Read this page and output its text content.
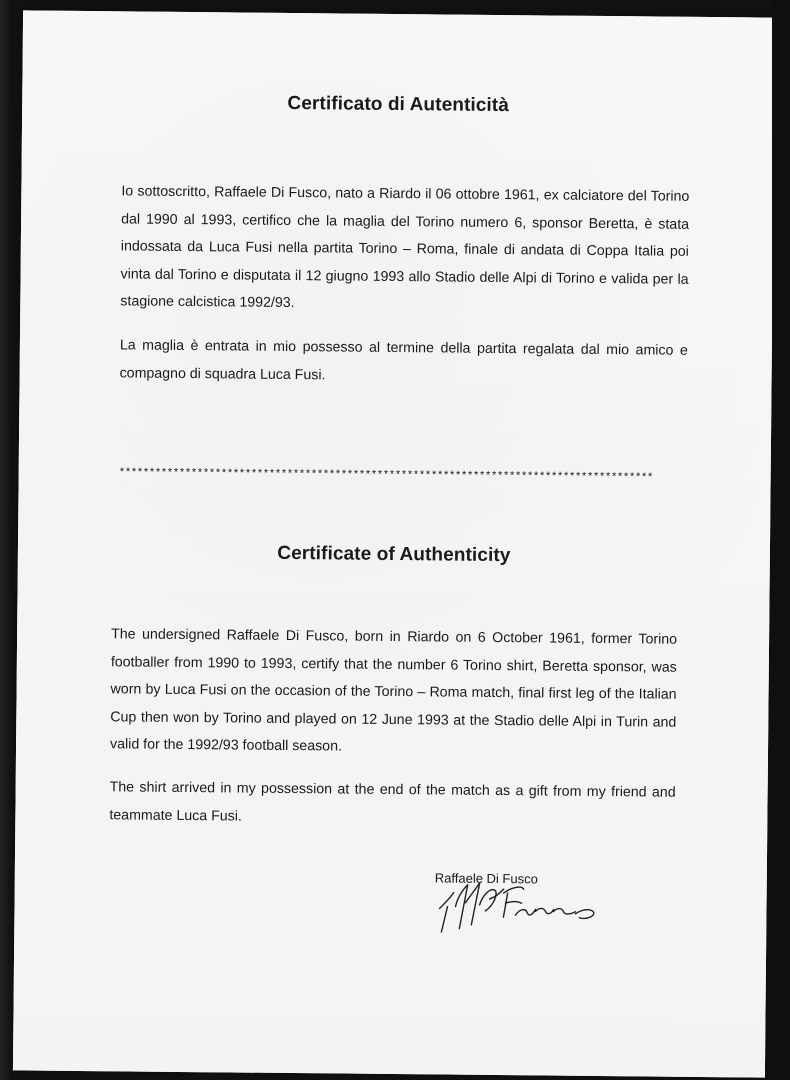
Certificato di Autenticità

Io sottoscritto, Raffaele Di Fusco, nato a Riardo il 06 ottobre 1961, ex calciatore del Torino dal 1990 al 1993, certifico che la maglia del Torino numero 6, sponsor Beretta, è stata indossata da Luca Fusi nella partita Torino – Roma, finale di andata di Coppa Italia poi vinta dal Torino e disputata il 12 giugno 1993 allo Stadio delle Alpi di Torino e valida per la stagione calcistica 1992/93.

La maglia è entrata in mio possesso al termine della partita regalata dal mio amico e compagno di squadra Luca Fusi.

*****************************************************************************************
Certificate of Authenticity

The undersigned Raffaele Di Fusco, born in Riardo on 6 October 1961, former Torino footballer from 1990 to 1993, certify that the number 6 Torino shirt, Beretta sponsor, was worn by Luca Fusi on the occasion of the Torino – Roma match, final first leg of the Italian Cup then won by Torino and played on 12 June 1993 at the Stadio delle Alpi in Turin and valid for the 1992/93 football season.

The shirt arrived in my possession at the end of the match as a gift from my friend and teammate Luca Fusi.

Raffaele Di Fusco
